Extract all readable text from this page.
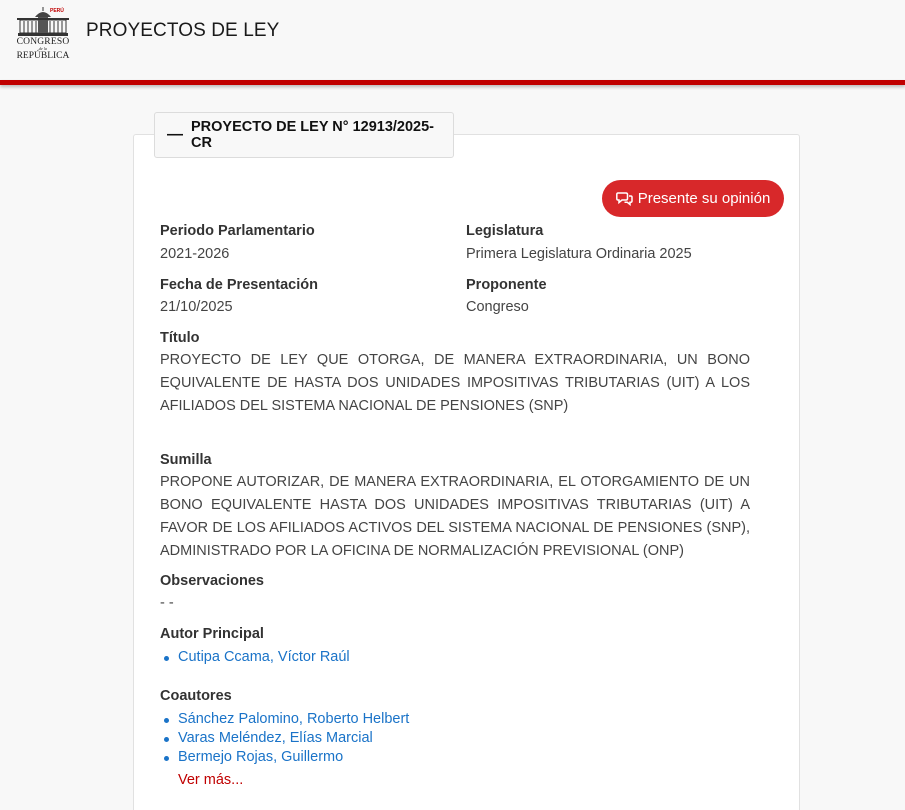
PERÚ
CONGRESO
de la
REPÚBLICA
PROYECTOS DE LEY
— PROYECTO DE LEY N° 12913/2025-CR
Presente su opinión
Periodo Parlamentario
2021-2026
Legislatura
Primera Legislatura Ordinaria 2025
Fecha de Presentación
21/10/2025
Proponente
Congreso
Título
PROYECTO DE LEY QUE OTORGA, DE MANERA EXTRAORDINARIA, UN BONO EQUIVALENTE DE HASTA DOS UNIDADES IMPOSITIVAS TRIBUTARIAS (UIT) A LOS AFILIADOS DEL SISTEMA NACIONAL DE PENSIONES (SNP)
Sumilla
PROPONE AUTORIZAR, DE MANERA EXTRAORDINARIA, EL OTORGAMIENTO DE UN BONO EQUIVALENTE HASTA DOS UNIDADES IMPOSITIVAS TRIBUTARIAS (UIT) A FAVOR DE LOS AFILIADOS ACTIVOS DEL SISTEMA NACIONAL DE PENSIONES (SNP), ADMINISTRADO POR LA OFICINA DE NORMALIZACIÓN PREVISIONAL (ONP)
Observaciones
- -
Autor Principal
Cutipa Ccama, Víctor Raúl
Coautores
Sánchez Palomino, Roberto Helbert
Varas Meléndez, Elías Marcial
Bermejo Rojas, Guillermo
Ver más...
